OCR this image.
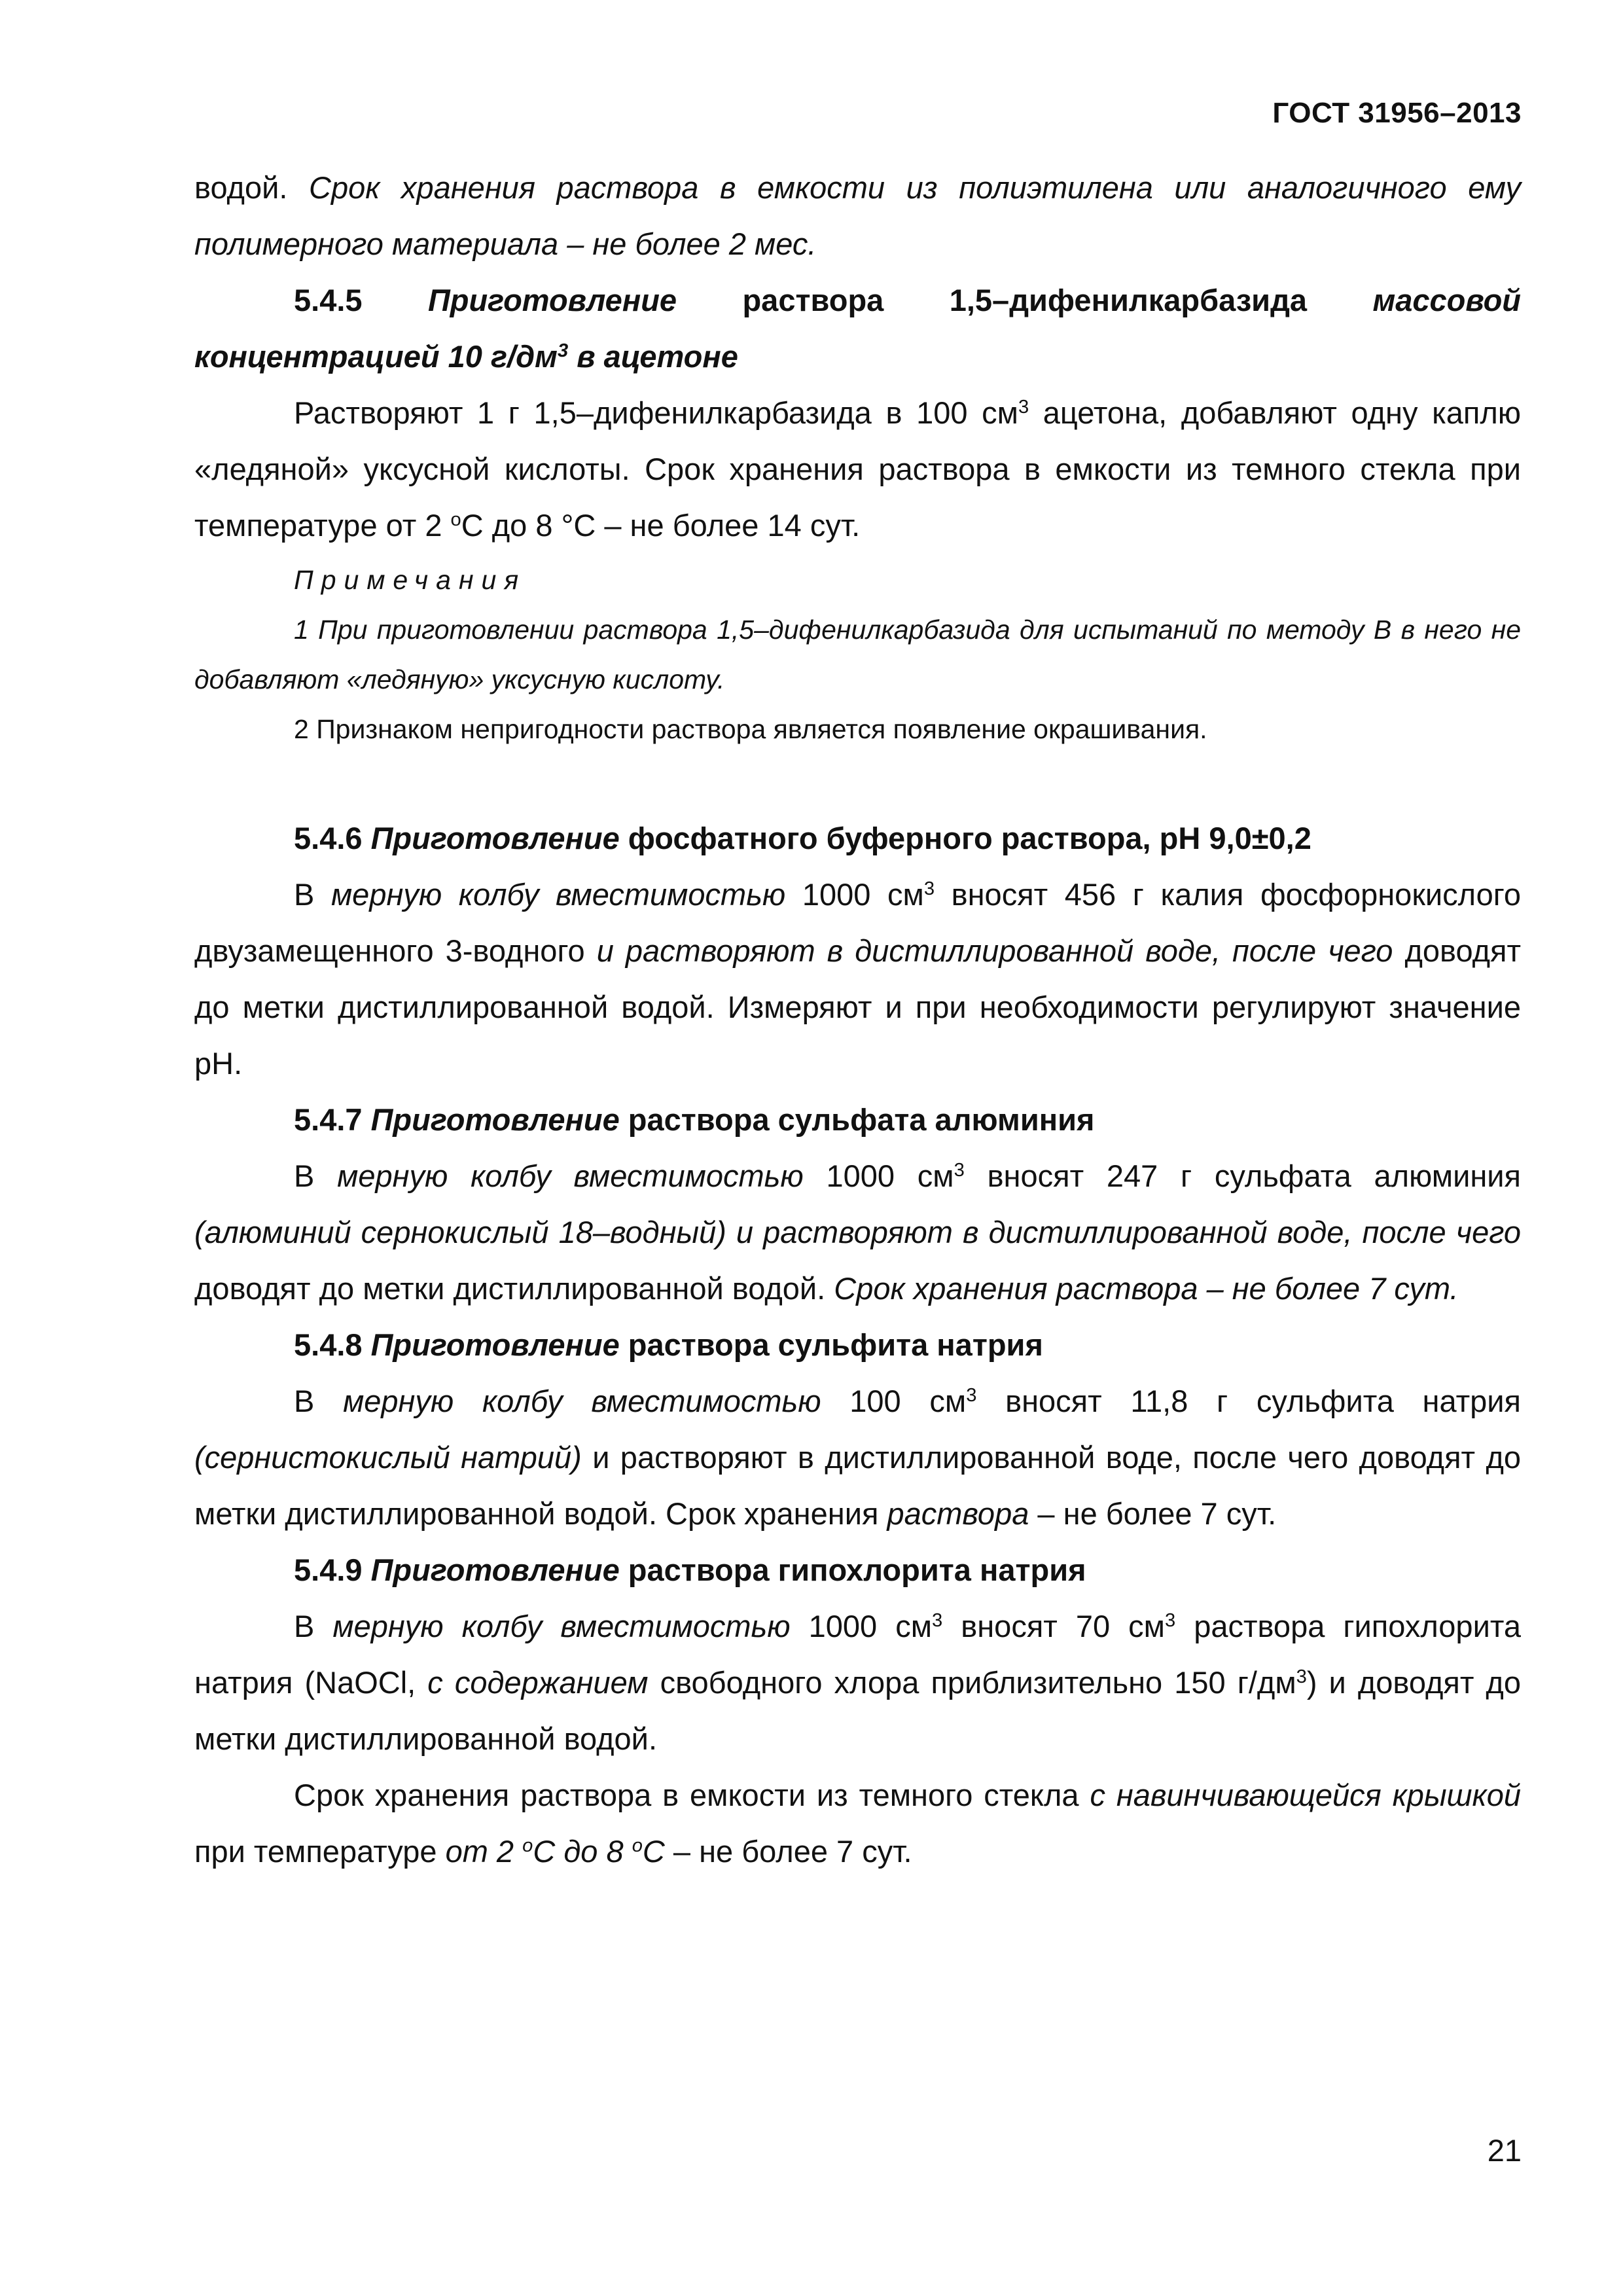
ГОСТ 31956–2013

водой. Срок хранения раствора в емкости из полиэтилена или аналогичного ему полимерного материала – не более 2 мес.

5.4.5 Приготовление раствора 1,5–дифенилкарбазида массовой концентрацией 10 $г/дм^3$ в ацетоне

Растворяют 1 г 1,5–дифенилкарбазида в 100 $см^3$ ацетона, добавляют одну каплю «ледяной» уксусной кислоты. Срок хранения раствора в емкости из темного стекла при температуре от 2 $^о$С до 8 °С – не более 14 сут.

Примечания

1 При приготовлении раствора 1,5–дифенилкарбазида для испытаний по методу В в него не добавляют «ледяную» уксусную кислоту.

2 Признаком непригодности раствора является появление окрашивания.

5.4.6 Приготовление фосфатного буферного раствора, рН 9,0±0,2

В мерную колбу вместимостью 1000 $см^3$ вносят 456 г калия фосфорнокислого двузамещенного 3-водного и растворяют в дистиллированной воде, после чего доводят до метки дистиллированной водой. Измеряют и при необходимости регулируют значение рН.

5.4.7 Приготовление раствора сульфата алюминия

В мерную колбу вместимостью 1000 $см^3$ вносят 247 г сульфата алюминия (алюминий сернокислый 18–водный) и растворяют в дистиллированной воде, после чего доводят до метки дистиллированной водой. Срок хранения раствора – не более 7 сут.

5.4.8 Приготовление раствора сульфита натрия

В мерную колбу вместимостью 100 $см^3$ вносят 11,8 г сульфита натрия (сернистокислый натрий) и растворяют в дистиллированной воде, после чего доводят до метки дистиллированной водой. Срок хранения раствора – не более 7 сут.

5.4.9 Приготовление раствора гипохлорита натрия

В мерную колбу вместимостью 1000 $см^3$ вносят 70 $см^3$ раствора гипохлорита натрия (NaOCl, с содержанием свободного хлора приблизительно 150 $г/дм^3$) и доводят до метки дистиллированной водой.

Срок хранения раствора в емкости из темного стекла с навинчивающейся крышкой при температуре от 2 $^о$С до 8 $^о$С – не более 7 сут.

21
